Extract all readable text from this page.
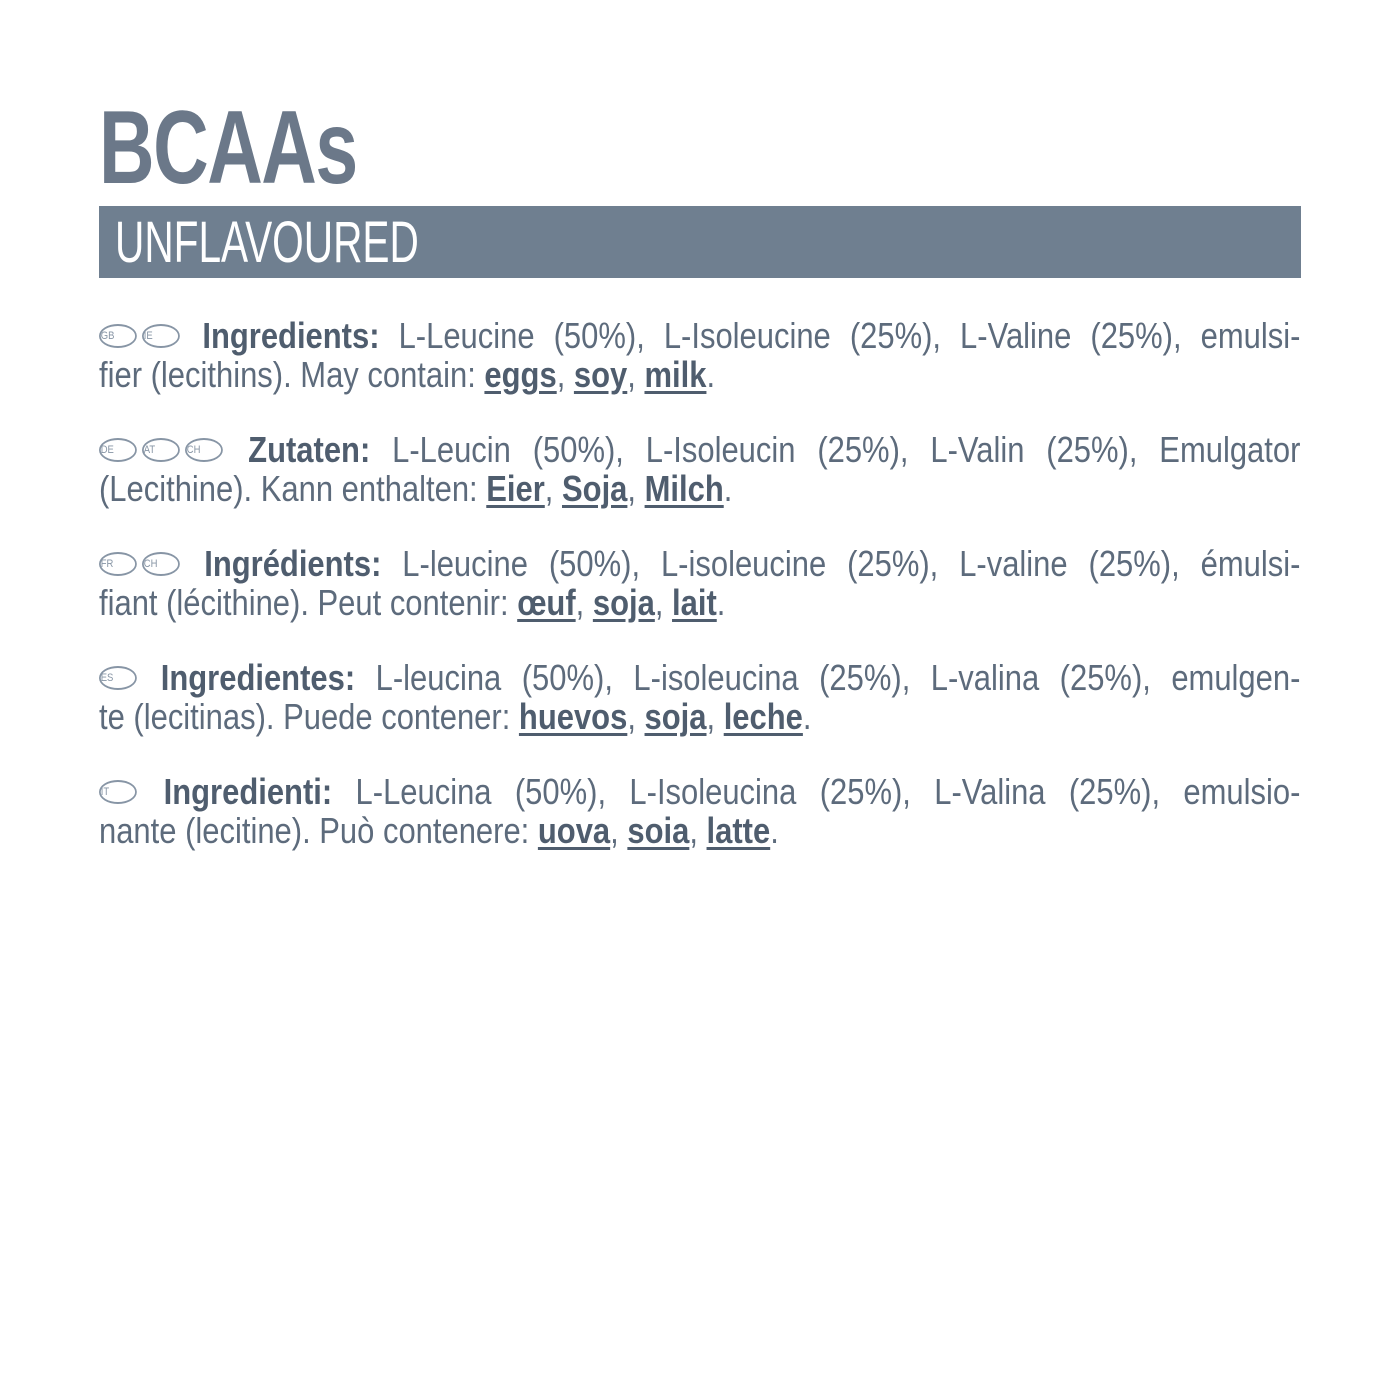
BCAAs
UNFLAVOURED
GB	IE Ingredients: L-Leucine (50%), L-Isoleucine (25%), L-Valine (25%), emulsi-
fier (lecithins). May contain: eggs, soy, milk.
DE	AT	CH Zutaten: L-Leucin (50%), L-Isoleucin (25%), L-Valin (25%), Emulgator
(Lecithine). Kann enthalten: Eier, Soja, Milch.
FR	CH Ingrédients: L-leucine (50%), L-isoleucine (25%), L-valine (25%), émulsi-
fiant (lécithine). Peut contenir: œuf, soja, lait.
ES Ingredientes: L-leucina (50%), L-isoleucina (25%), L-valina (25%), emulgen-
te (lecitinas). Puede contener: huevos, soja, leche.
IT Ingredienti: L-Leucina (50%), L-Isoleucina (25%), L-Valina (25%), emulsio-
nante (lecitine). Può contenere: uova, soia, latte.
